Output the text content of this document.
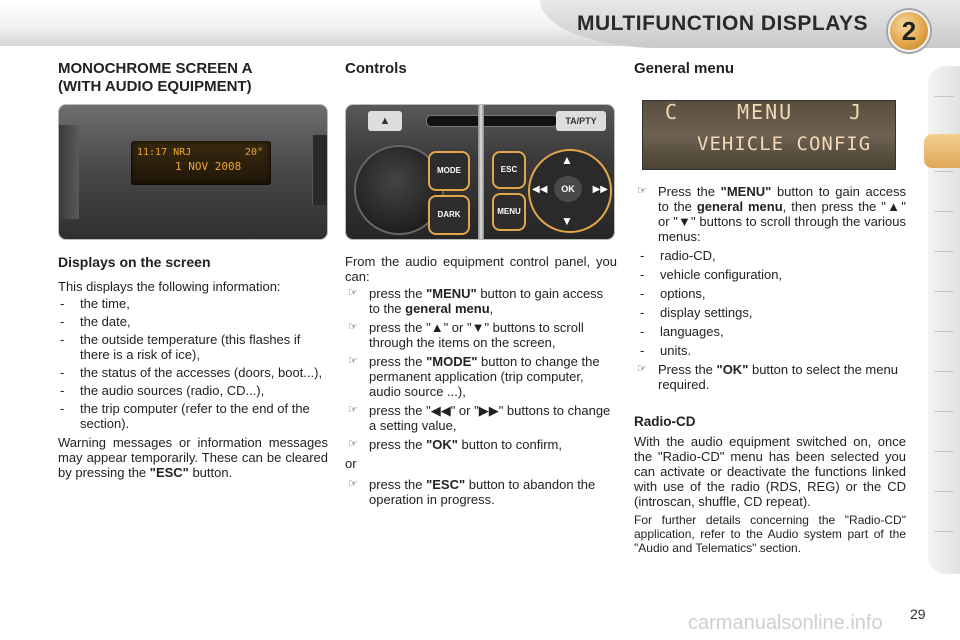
MULTIFUNCTION DISPLAYS	2
MONOCHROME SCREEN A
(WITH AUDIO EQUIPMENT)
11:17 NRJ	20°
1 NOV 2008
Displays on the screen

This displays the following information:

- the time,
- the date,
- the outside temperature (this flashes if there is a risk of ice),
- the status of the accesses (doors, boot...),
- the audio sources (radio, CD...),
- the trip computer (refer to the end of the section).

Warning messages or information messages may appear temporarily. These can be cleared by pressing the "ESC" button.

Controls
▲	TA/PTY
MODE
DARK
ESC
MENU
▲
▼
◀◀	▶▶
OK

From the audio equipment control panel, you can:

☞ press the "MENU" button to gain access to the general menu,
☞ press the "▲" or "▼" buttons to scroll through the items on the screen,
☞ press the "MODE" button to change the permanent application (trip computer, audio source ...),
☞ press the "◀◀" or "▶▶" buttons to change a setting value,
☞ press the "OK" button to confirm,

or

☞ press the "ESC" button to abandon the operation in progress.
General menu
C	MENU	J
VEHICLE CONFIG
☞ Press the "MENU" button to gain access to the general menu, then press the "▲" or "▼" buttons to scroll through the various menus:
- radio-CD,
- vehicle configuration,
- options,
- display settings,
- languages,
- units.
☞ Press the "OK" button to select the menu required.
Radio-CD

With the audio equipment switched on, once the "Radio-CD" menu has been selected you can activate or deactivate the functions linked with use of the radio (RDS, REG) or the CD (introscan, shuffle, CD repeat).

For further details concerning the "Radio-CD" application, refer to the Audio system part of the "Audio and Telematics" section.

carmanualsonline.info 29
